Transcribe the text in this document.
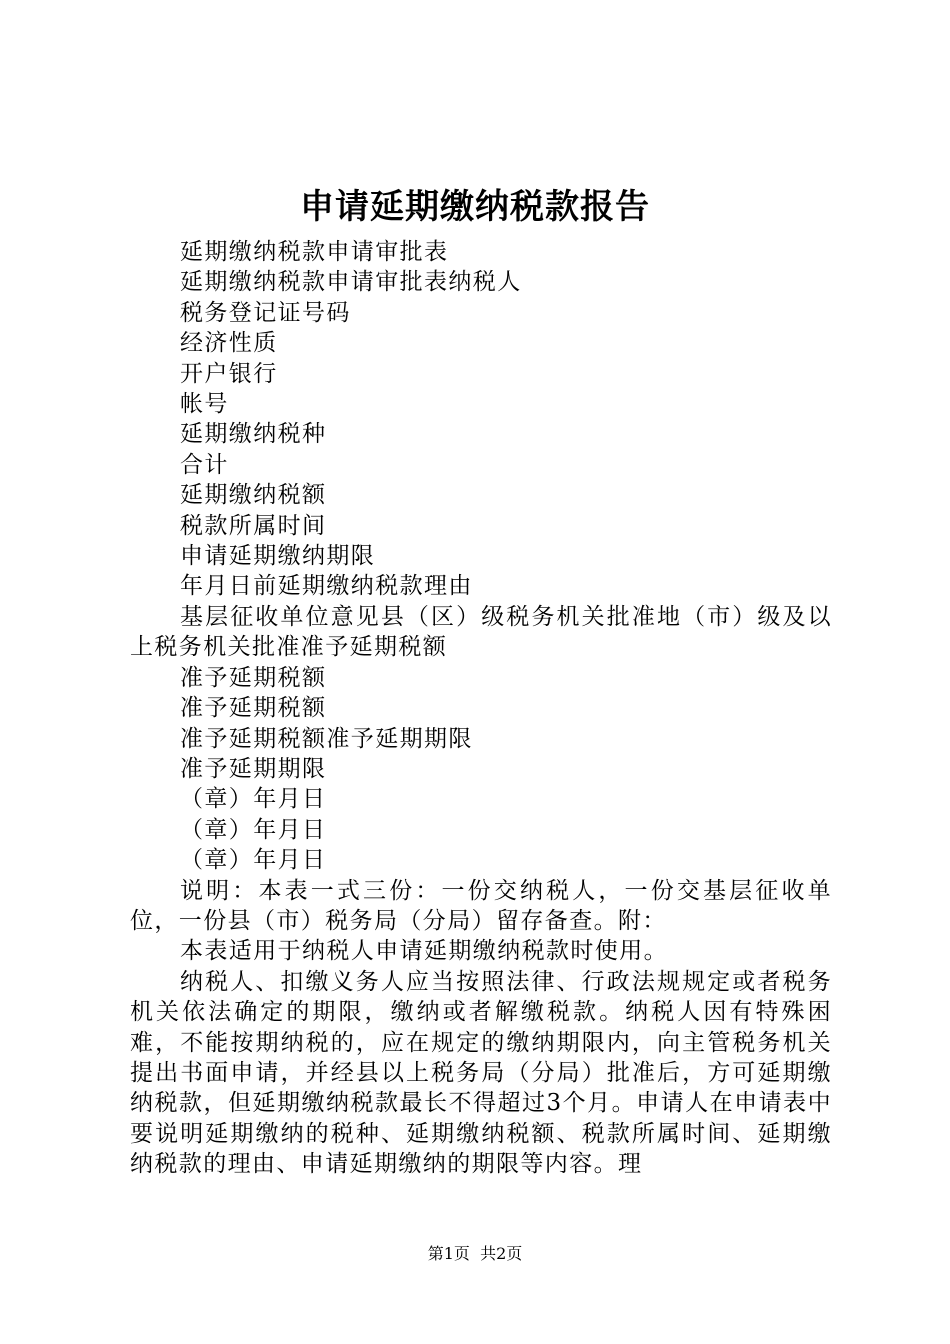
申请延期缴纳税款报告

延期缴纳税款申请审批表

延期缴纳税款申请审批表纳税人

税务登记证号码

经济性质

开户银行

帐号

延期缴纳税种

合计

延期缴纳税额

税款所属时间

申请延期缴纳期限

年月日前延期缴纳税款理由

基层征收单位意见县（区）级税务机关批准地（市）级及以上税务机关批准准予延期税额

准予延期税额

准予延期税额

准予延期税额准予延期期限

准予延期期限

（章）年月日

（章）年月日

（章）年月日

说明：本表一式三份：一份交纳税人，一份交基层征收单位，一份县（市）税务局（分局）留存备查。附：

本表适用于纳税人申请延期缴纳税款时使用。

纳税人、扣缴义务人应当按照法律、行政法规规定或者税务机关依法确定的期限，缴纳或者解缴税款。纳税人因有特殊困难，不能按期纳税的，应在规定的缴纳期限内，向主管税务机关提出书面申请，并经县以上税务局（分局）批准后，方可延期缴纳税款，但延期缴纳税款最长不得超过3个月。申请人在申请表中要说明延期缴纳的税种、延期缴纳税额、税款所属时间、延期缴纳税款的理由、申请延期缴纳的期限等内容。理

第1页 共2页
